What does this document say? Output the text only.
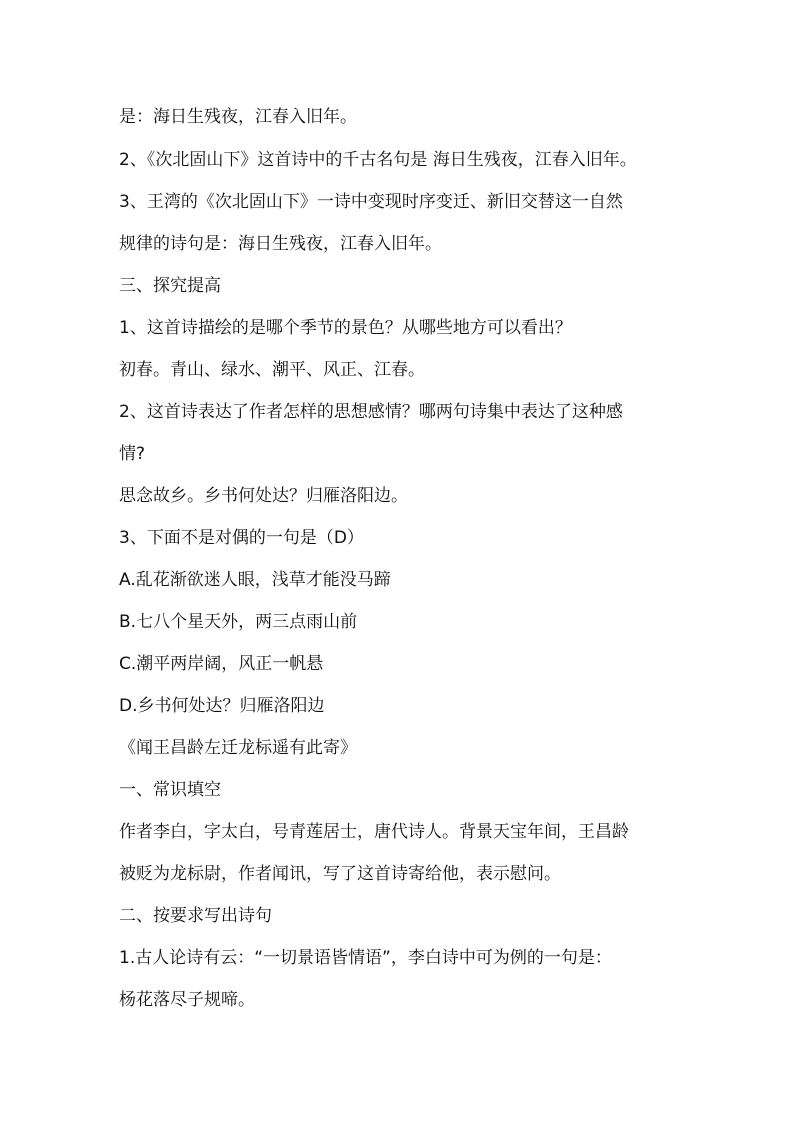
是：海日生残夜，江春入旧年。

2、《次北固山下》这首诗中的千古名句是 海日生残夜，江春入旧年。

3、王湾的《次北固山下》一诗中变现时序变迁、新旧交替这一自然

规律的诗句是：海日生残夜，江春入旧年。

三、探究提高

1、这首诗描绘的是哪个季节的景色？从哪些地方可以看出？

初春。青山、绿水、潮平、风正、江春。

2、这首诗表达了作者怎样的思想感情？哪两句诗集中表达了这种感

情?

思念故乡。乡书何处达？归雁洛阳边。

3、下面不是对偶的一句是（D）

A.乱花渐欲迷人眼，浅草才能没马蹄

B.七八个星天外，两三点雨山前

C.潮平两岸阔，风正一帆悬

D.乡书何处达？归雁洛阳边

《闻王昌龄左迁龙标遥有此寄》

一、常识填空

作者李白，字太白，号青莲居士，唐代诗人。背景天宝年间，王昌龄

被贬为龙标尉，作者闻讯，写了这首诗寄给他，表示慰问。

二、按要求写出诗句

1.古人论诗有云：“一切景语皆情语”，李白诗中可为例的一句是：

杨花落尽子规啼。
